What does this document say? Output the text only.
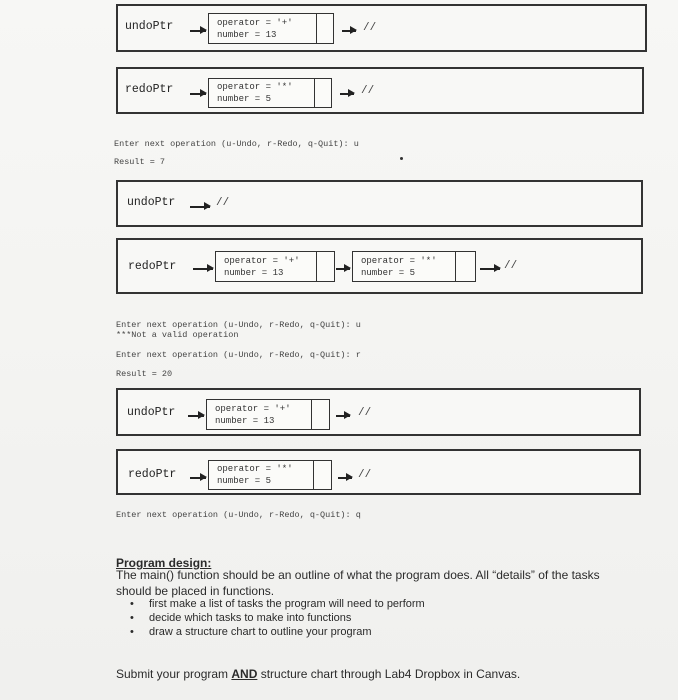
undoPtr	operator = '+'
number = 13
//
redoPtr	operator = '*'
number = 5
//
Enter next operation (u-Undo, r-Redo, q-Quit): u
Result = 7
undoPtr	//
redoPtr	operator = '+'
number = 13
operator = '*'
number = 5
//
Enter next operation (u-Undo, r-Redo, q-Quit): u
***Not a valid operation
Enter next operation (u-Undo, r-Redo, q-Quit): r
Result = 20
undoPtr	operator = '+'
number = 13
//
redoPtr	operator = '*'
number = 5	//
Enter next operation (u-Undo, r-Redo, q-Quit): q
Program design:
The main() function should be an outline of what the program does. All “details” of the tasks
should be placed in functions.
• first make a list of tasks the program will need to perform
• decide which tasks to make into functions
• draw a structure chart to outline your program
Submit your program AND structure chart through Lab4 Dropbox in Canvas.
